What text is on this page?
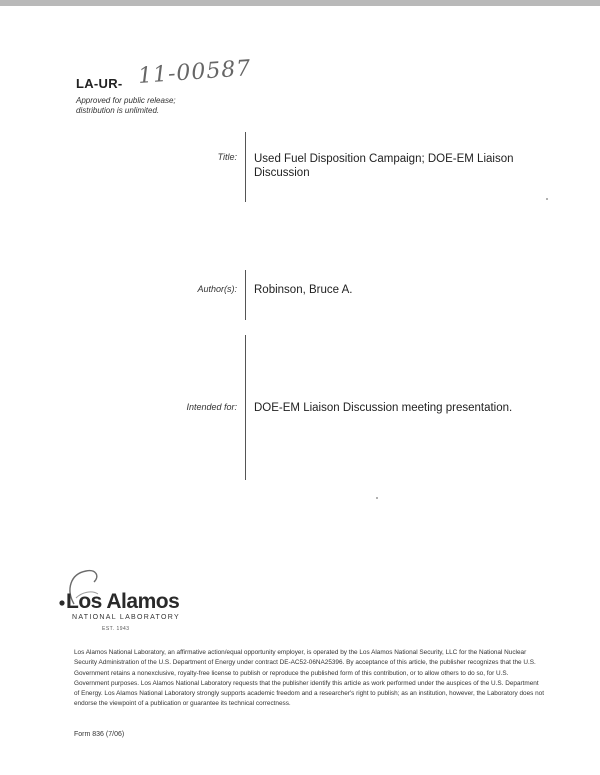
LA-UR- 11-00587
Approved for public release;
distribution is unlimited.
Title: Used Fuel Disposition Campaign; DOE-EM Liaison Discussion
Author(s): Robinson, Bruce A.
Intended for: DOE-EM Liaison Discussion meeting presentation.
Los Alamos
NATIONAL LABORATORY
EST. 1943
Los Alamos National Laboratory, an affirmative action/equal opportunity employer, is operated by the Los Alamos National Security, LLC for the National Nuclear Security Administration of the U.S. Department of Energy under contract DE-AC52-06NA25396. By acceptance of this article, the publisher recognizes that the U.S. Government retains a nonexclusive, royalty-free license to publish or reproduce the published form of this contribution, or to allow others to do so, for U.S. Government purposes. Los Alamos National Laboratory requests that the publisher identify this article as work performed under the auspices of the U.S. Department of Energy. Los Alamos National Laboratory strongly supports academic freedom and a researcher's right to publish; as an institution, however, the Laboratory does not endorse the viewpoint of a publication or guarantee its technical correctness.
Form 836 (7/06)
